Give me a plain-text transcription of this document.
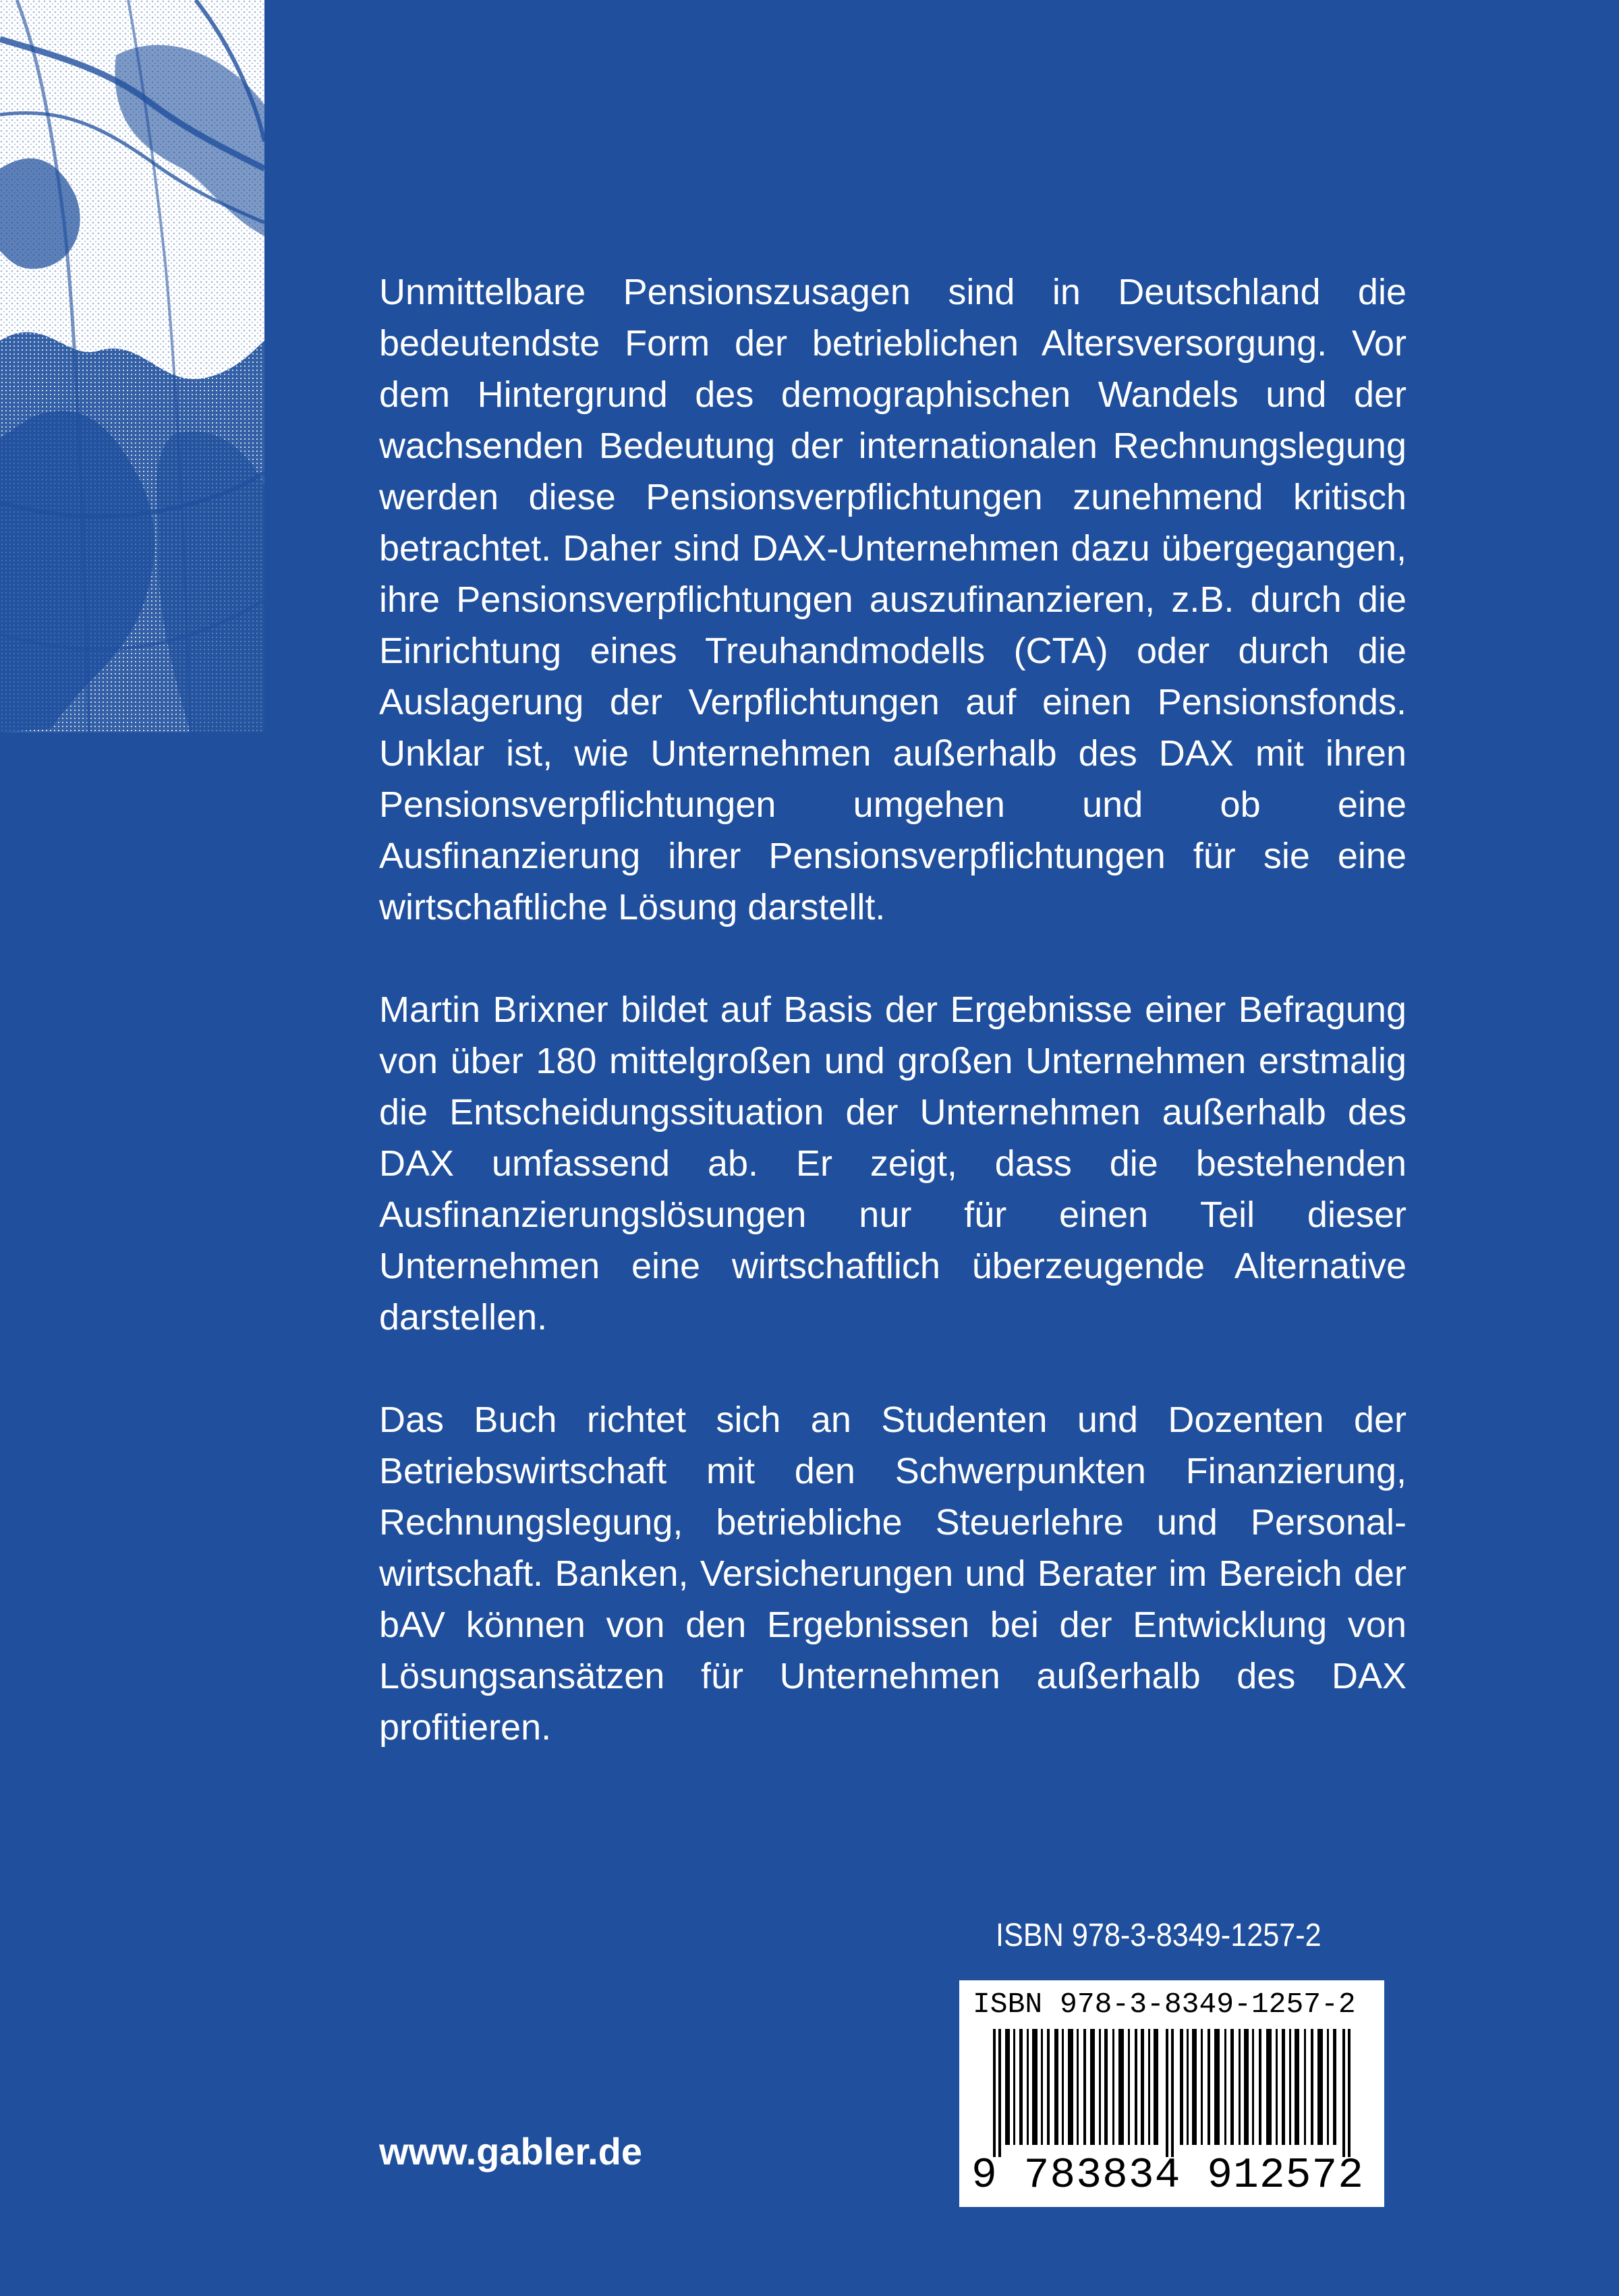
Unmittelbare Pensionszusagen sind in Deutschland die bedeutendste Form der betrieblichen Altersversorgung. Vor dem Hintergrund des demographischen Wandels und der wachsenden Bedeutung der internationalen Rechnungslegung werden diese Pensionsverpflichtungen zunehmend kritisch betrachtet. Daher sind DAX-Unternehmen dazu übergegangen, ihre Pensionsverpflichtungen auszufinanzieren, z.B. durch die Einrichtung eines Treuhandmodells (CTA) oder durch die Auslagerung der Verpflichtungen auf einen Pensionsfonds. Unklar ist, wie Unternehmen außerhalb des DAX mit ihren Pensionsverpflichtungen umgehen und ob eine Ausfinanzierung ihrer Pensionsverpflichtungen für sie eine wirtschaftliche Lösung darstellt.

Martin Brixner bildet auf Basis der Ergebnisse einer Befragung von über 180 mittelgroßen und großen Unternehmen erstmalig die Entscheidungssituation der Unternehmen außerhalb des DAX umfassend ab. Er zeigt, dass die bestehenden Ausfinanzierungslösungen nur für einen Teil dieser Unternehmen eine wirtschaftlich überzeugende Alternative darstellen.

Das Buch richtet sich an Studenten und Dozenten der Betriebswirtschaft mit den Schwerpunkten Finanzierung, Rechnungslegung, betriebliche Steuerlehre und Personalwirtschaft. Banken, Versicherungen und Berater im Bereich der bAV können von den Ergebnissen bei der Entwicklung von Lösungsansätzen für Unternehmen außerhalb des DAX profitieren.

ISBN 978-3-8349-1257-2
ISBN 978-3-8349-1257-2
9 783834 912572
www.gabler.de
